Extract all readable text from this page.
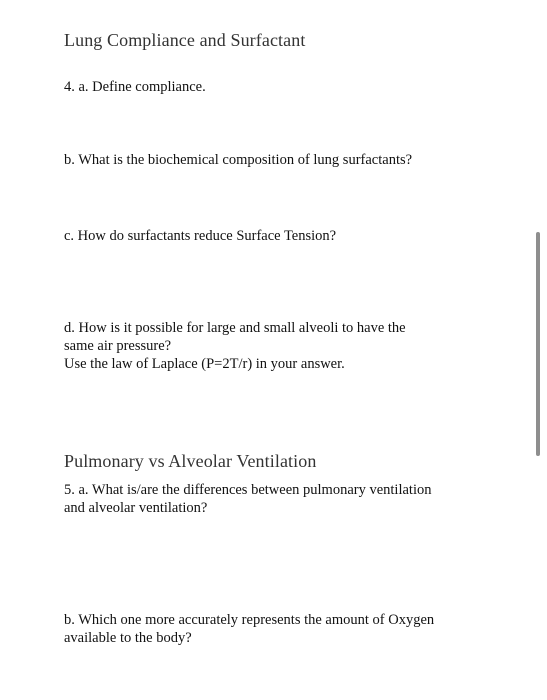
Lung Compliance and Surfactant
4. a. Define compliance.
b. What is the biochemical composition of lung surfactants?
c. How do surfactants reduce Surface Tension?
d. How is it possible for large and small alveoli to have the
same air pressure?
Use the law of Laplace (P=2T/r) in your answer.
Pulmonary vs Alveolar Ventilation
5. a. What is/are the differences between pulmonary ventilation
and alveolar ventilation?
b. Which one more accurately represents the amount of Oxygen
available to the body?
